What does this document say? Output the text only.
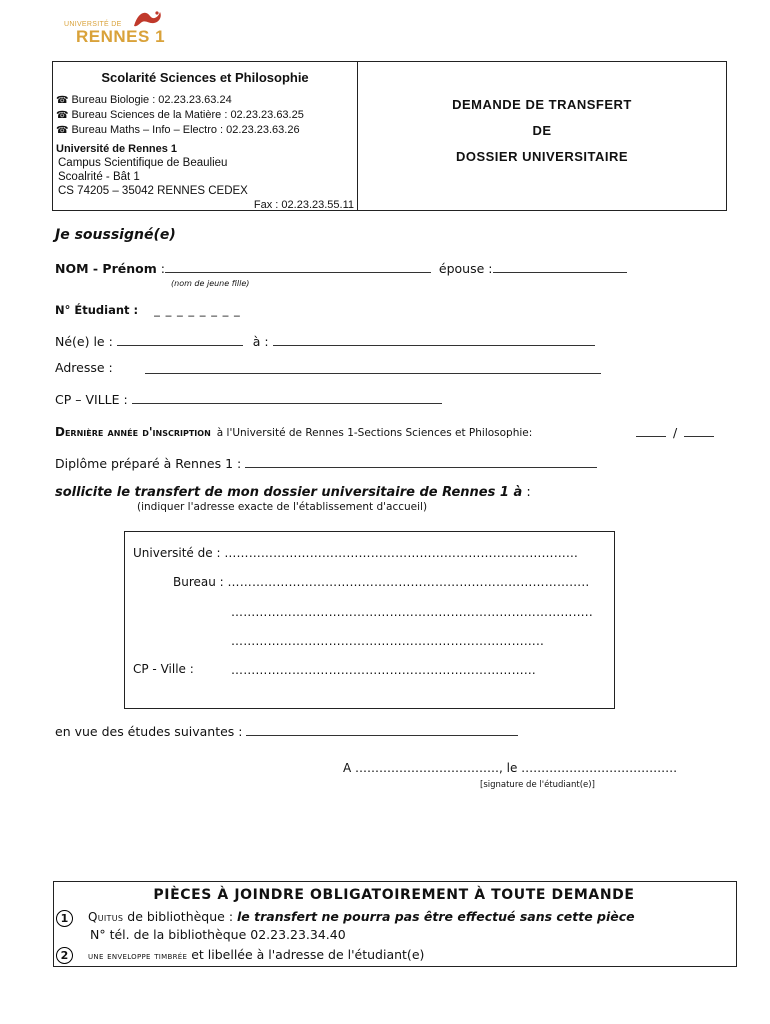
UNIVERSITÉ DE
RENNES 1
Scolarité Sciences et Philosophie
☎ Bureau Biologie : 02.23.23.63.24
☎ Bureau Sciences de la Matière : 02.23.23.63.25
☎ Bureau Maths – Info – Electro : 02.23.23.63.26
Université de Rennes 1
Campus Scientifique de Beaulieu
Scoalrité - Bât 1
CS 74205 – 35042 RENNES CEDEX
Fax : 02.23.23.55.11
DEMANDE DE TRANSFERT
DE
DOSSIER UNIVERSITAIRE
Je soussigné(e)
NOM - Prénom :	épouse :
(nom de jeune fille)
N° Étudiant : _ _ _ _ _ _ _ _
Né(e) le :	à :
Adresse :
CP – VILLE :
Dernière année d'inscription à l'Université de Rennes 1-Sections Sciences et Philosophie:	/
Diplôme préparé à Rennes 1 :
sollicite le transfert de mon dossier universitaire de Rennes 1 à :
(indiquer l'adresse exacte de l'établissement d'accueil)
Université de : ……………………………………………………………………………
Bureau : ……………………………………………………………………………..
……………………………………………………………………………..
…………………………………………………………………..
CP - Ville :	…………………………………………………………………
en vue des études suivantes :
A ………………………………, le …………………………………
[signature de l'étudiant(e)]
PIÈCES À JOINDRE OBLIGATOIREMENT À TOUTE DEMANDE
1	Quitus de bibliothèque : le transfert ne pourra pas être effectué sans cette pièce
N° tél. de la bibliothèque 02.23.23.34.40
2	une enveloppe timbrée et libellée à l'adresse de l'étudiant(e)
